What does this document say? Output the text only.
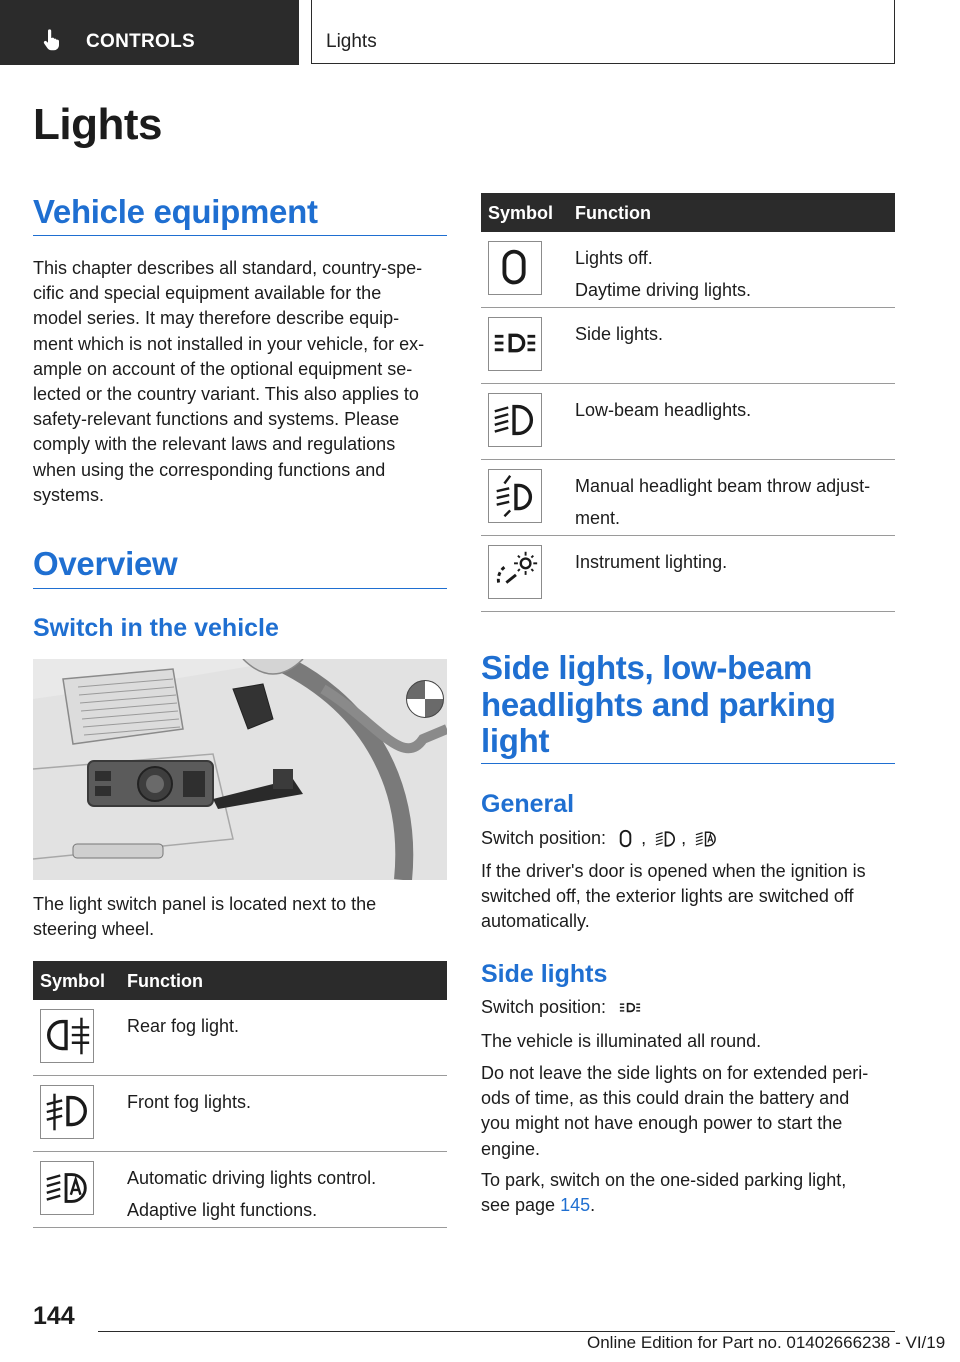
CONTROLS	Lights
Lights
Vehicle equipment
This chapter describes all standard, country-spe‐
cific and special equipment available for the
model series. It may therefore describe equip‐
ment which is not installed in your vehicle, for ex‐
ample on account of the optional equipment se‐
lected or the country variant. This also applies to
safety-relevant functions and systems. Please
comply with the relevant laws and regulations
when using the corresponding functions and
systems.
Overview
Switch in the vehicle
The light switch panel is located next to the
steering wheel.
Symbol Function
Rear fog light.
Front fog lights.
Automatic driving lights control.
Adaptive light functions.
Symbol Function
Lights off.
Daytime driving lights.
Side lights.
Low-beam headlights.
Manual headlight beam throw adjust‐
ment.
Instrument lighting.
Side lights, low-beam
headlights and parking
light
General
Switch position: , ,
If the driver's door is opened when the ignition is
switched off, the exterior lights are switched off
automatically.
Side lights
Switch position:
The vehicle is illuminated all round.
Do not leave the side lights on for extended peri‐
ods of time, as this could drain the battery and
you might not have enough power to start the
engine.
To park, switch on the one-sided parking light,
see page 145.
144
Online Edition for Part no. 01402666238 - VI/19
